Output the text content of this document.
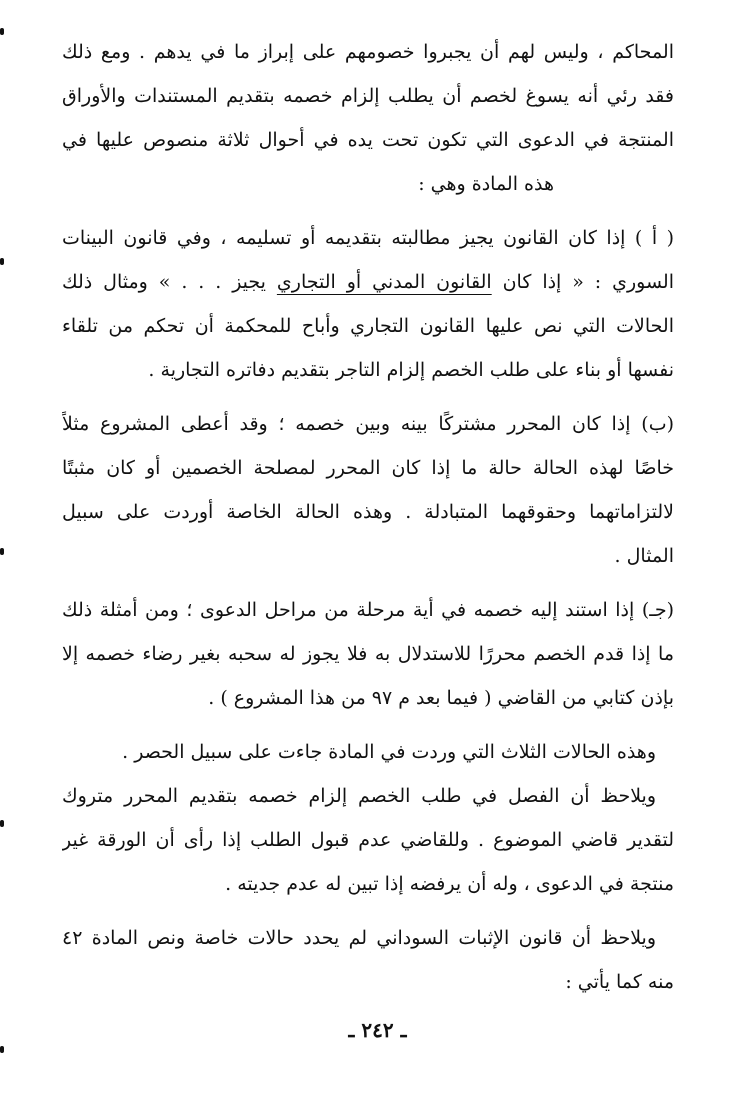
المحاكم ، وليس لهم أن يجبروا خصومهم على إبراز ما في يدهم . ومع ذلك
فقد رئي أنه يسوغ لخصم أن يطلب إلزام خصمه بتقديم المستندات والأوراق
المنتجة في الدعوى التي تكون تحت يده في أحوال ثلاثة منصوص عليها في
هذه المادة وهي :
( أ ) إذا كان القانون يجيز مطالبته بتقديمه أو تسليمه ، وفي قانون البينات
السوري : « إذا كان القانون المدني أو التجاري يجيز . . . » ومثال ذلك
الحالات التي نص عليها القانون التجاري وأباح للمحكمة أن تحكم من تلقاء
نفسها أو بناء على طلب الخصم إلزام التاجر بتقديم دفاتره التجارية .
(ب) إذا كان المحرر مشتركًا بينه وبين خصمه ؛ وقد أعطى المشروع مثلاً
خاصًا لهذه الحالة حالة ما إذا كان المحرر لمصلحة الخصمين أو كان مثبتًا
لالتزاماتهما وحقوقهما المتبادلة . وهذه الحالة الخاصة أوردت على سبيل
المثال .
(جـ) إذا استند إليه خصمه في أية مرحلة من مراحل الدعوى ؛ ومن أمثلة ذلك
ما إذا قدم الخصم محررًا للاستدلال به فلا يجوز له سحبه بغير رضاء خصمه إلا
بإذن كتابي من القاضي ( فيما بعد م ٩٧ من هذا المشروع ) .
وهذه الحالات الثلاث التي وردت في المادة جاءت على سبيل الحصر .
ويلاحظ أن الفصل في طلب الخصم إلزام خصمه بتقديم المحرر متروك
لتقدير قاضي الموضوع . وللقاضي عدم قبول الطلب إذا رأى أن الورقة غير
منتجة في الدعوى ، وله أن يرفضه إذا تبين له عدم جديته .
ويلاحظ أن قانون الإثبات السوداني لم يحدد حالات خاصة ونص المادة ٤٢
منه كما يأتي :
ـ ٢٤٢ ـ
